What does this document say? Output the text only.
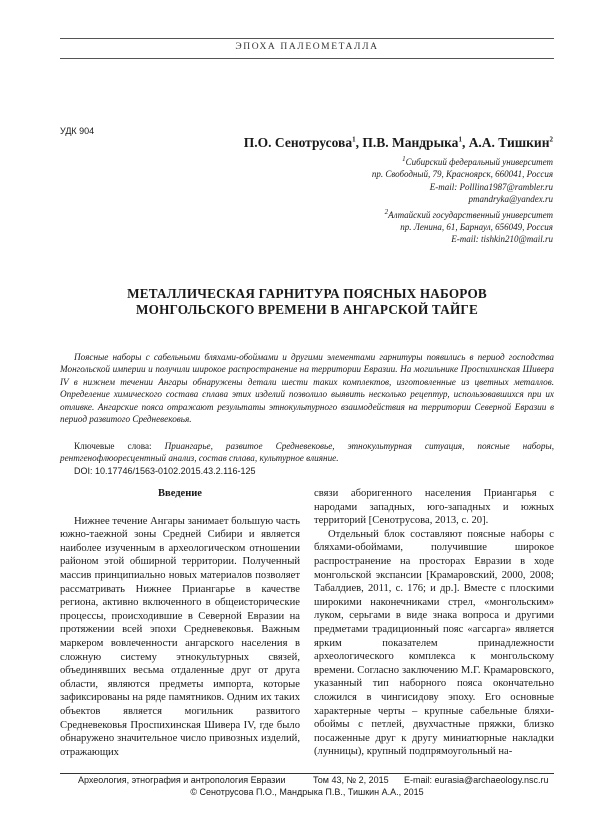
ЭПОХА ПАЛЕОМЕТАЛЛА
УДК 904

П.О. Сенотрусова$^1$, П.В. Мандрыка$^1$, А.А. Тишкин$^2$

$^1$Сибирский федеральный университет

пр. Свободный, 79, Красноярск, 660041, Россия

E-mail: Polllina1987@rambler.ru

pmandryka@yandex.ru

$^2$Алтайский государственный университет

пр. Ленина, 61, Барнаул, 656049, Россия

E-mail: tishkin210@mail.ru

МЕТАЛЛИЧЕСКАЯ ГАРНИТУРА ПОЯСНЫХ НАБОРОВ
МОНГОЛЬСКОГО ВРЕМЕНИ В АНГАРСКОЙ ТАЙГЕ

Поясные наборы с сабельными бляхами-обоймами и другими элементами гарнитуры появились в период господства Монгольской империи и получили широкое распространение на территории Евразии. На могильнике Проспихинская Шивера IV в нижнем течении Ангары обнаружены детали шести таких комплектов, изготовленные из цветных металлов. Определение химического состава сплава этих изделий позволило выявить несколько рецептур, использовавшихся при их отливке. Ангарские пояса отражают результаты этнокультурного взаимодействия на территории Северной Евразии в период развитого Средневековья.

Ключевые слова: Приангарье, развитое Средневековье, этнокультурная ситуация, поясные наборы, рентгенофлюоресцентный анализ, состав сплава, культурное влияние.

DOI: 10.17746/1563-0102.2015.43.2.116-125

Введение

Нижнее течение Ангары занимает большую часть южно-таежной зоны Средней Сибири и является наиболее изученным в археологическом отношении районом этой обширной территории. Полученный массив принципиально новых материалов позволяет рассматривать Нижнее Приангарье в качестве региона, активно включенного в общеисторические процессы, происходившие в Северной Евразии на протяжении всей эпохи Средневековья. Важным маркером вовлеченности ангарского населения в сложную систему этнокультурных связей, объединявших весьма отдаленные друг от друга области, являются предметы импорта, которые зафиксированы на ряде памятников. Одним их таких объектов является могильник развитого Средневековья Проспихинская Шивера IV, где было обнаружено значительное число привозных изделий, отражающих

связи аборигенного населения Приангарья с народами западных, юго-западных и южных территорий [Сенотрусова, 2013, с. 20].

Отдельный блок составляют поясные наборы с бляхами-обоймами, получившие широкое распространение на просторах Евразии в ходе монгольской экспансии [Крамаровский, 2000, 2008; Табалдиев, 2011, с. 176; и др.]. Вместе с плоскими широкими наконечниками стрел, «монгольским» луком, серьгами в виде знака вопроса и другими предметами традиционный пояс «агсарга» является ярким показателем принадлежности археологического комплекса к монгольскому времени. Согласно заключению М.Г. Крамаровского, указанный тип наборного пояса окончательно сложился в чингисидову эпоху. Его основные характерные черты – крупные сабельные бляхи-обоймы с петлей, двухчастные пряжки, близко посаженные друг к другу миниатюрные накладки (лунницы), крупный подпрямоугольный на-

Археология, этнография и антропология Евразии	Том 43, № 2, 2015 E-mail: eurasia@archaeology.nsc.ru
© Сенотрусова П.О., Мандрыка П.В., Тишкин А.А., 2015
